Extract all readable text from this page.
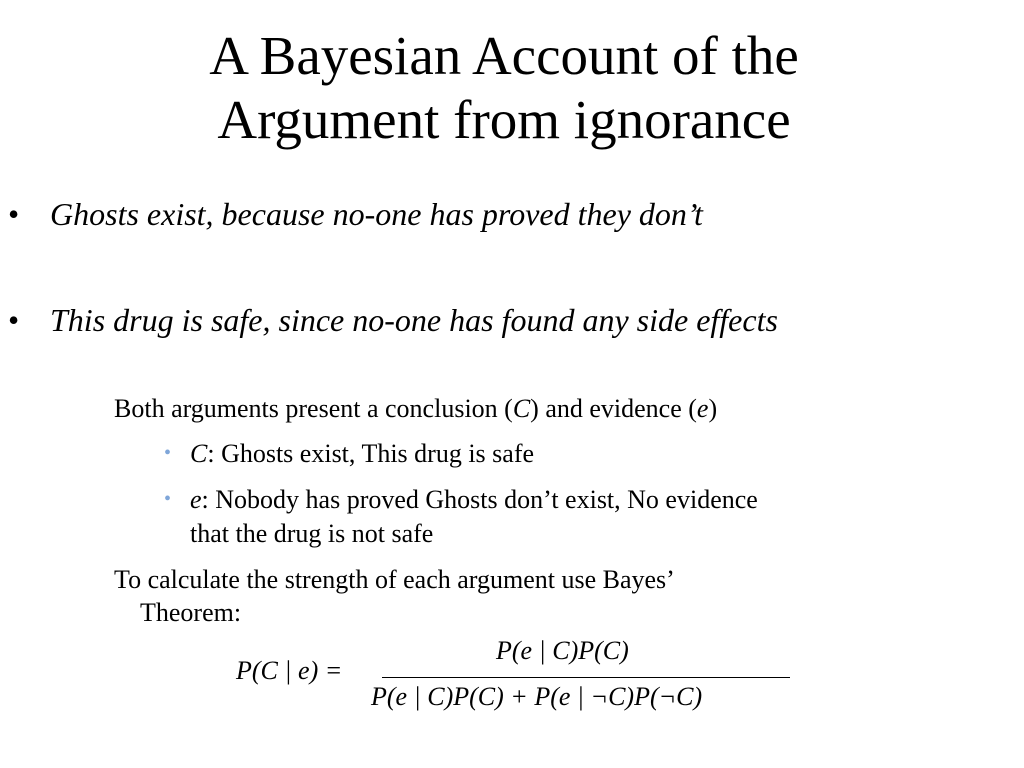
A Bayesian Account of the
Argument from ignorance
• Ghosts exist, because no-one has proved they don’t
• This drug is safe, since no-one has found any side effects
Both arguments present a conclusion (C) and evidence (e)
• C: Ghosts exist, This drug is safe
• e: Nobody has proved Ghosts don’t exist, No evidence
that the drug is not safe
To calculate the strength of each argument use Bayes’
Theorem:
P(C | e) =
P(e | C)P(C)
P(e | C)P(C) + P(e | ¬C)P(¬C)
